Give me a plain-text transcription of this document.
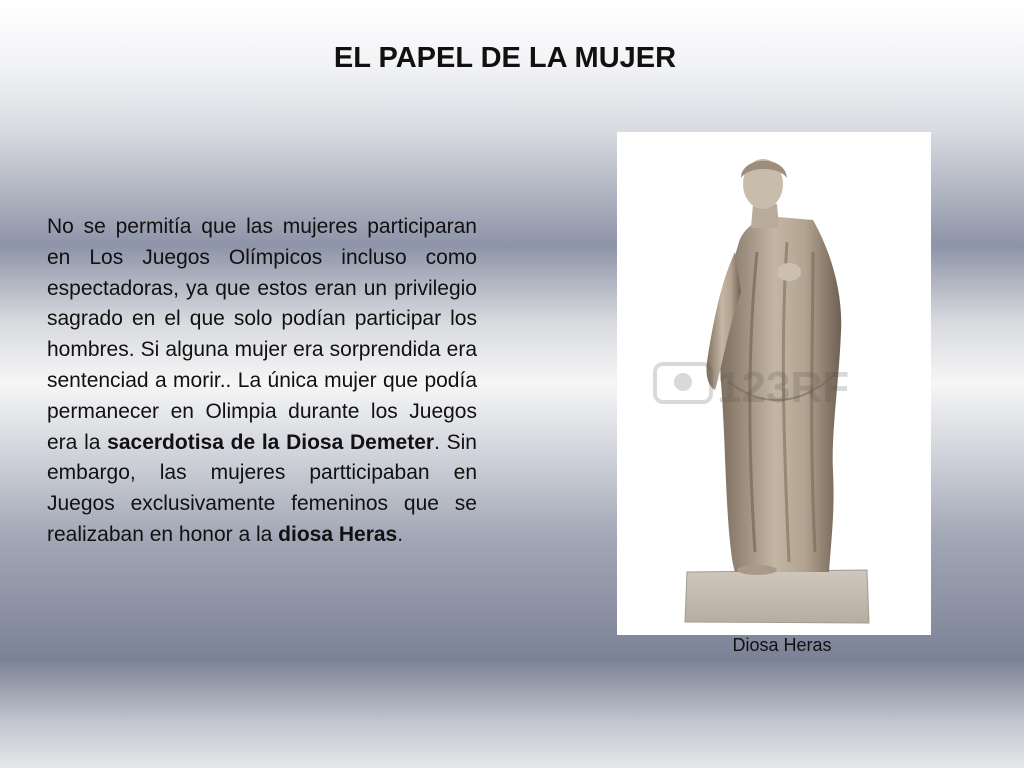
EL PAPEL DE LA MUJER

No se permitía que las mujeres participaran en Los Juegos Olímpicos incluso como espectadoras, ya que estos eran un privilegio sagrado en el que solo podían participar los hombres. Si alguna mujer era sorprendida era sentenciad a morir.. La única mujer que podía permanecer en Olimpia durante los Juegos era la sacerdotisa de la Diosa Demeter. Sin embargo, las mujeres partticipaban en Juegos exclusivamente femeninos que se realizaban en honor a la diosa Heras.

123RF
Diosa Heras
